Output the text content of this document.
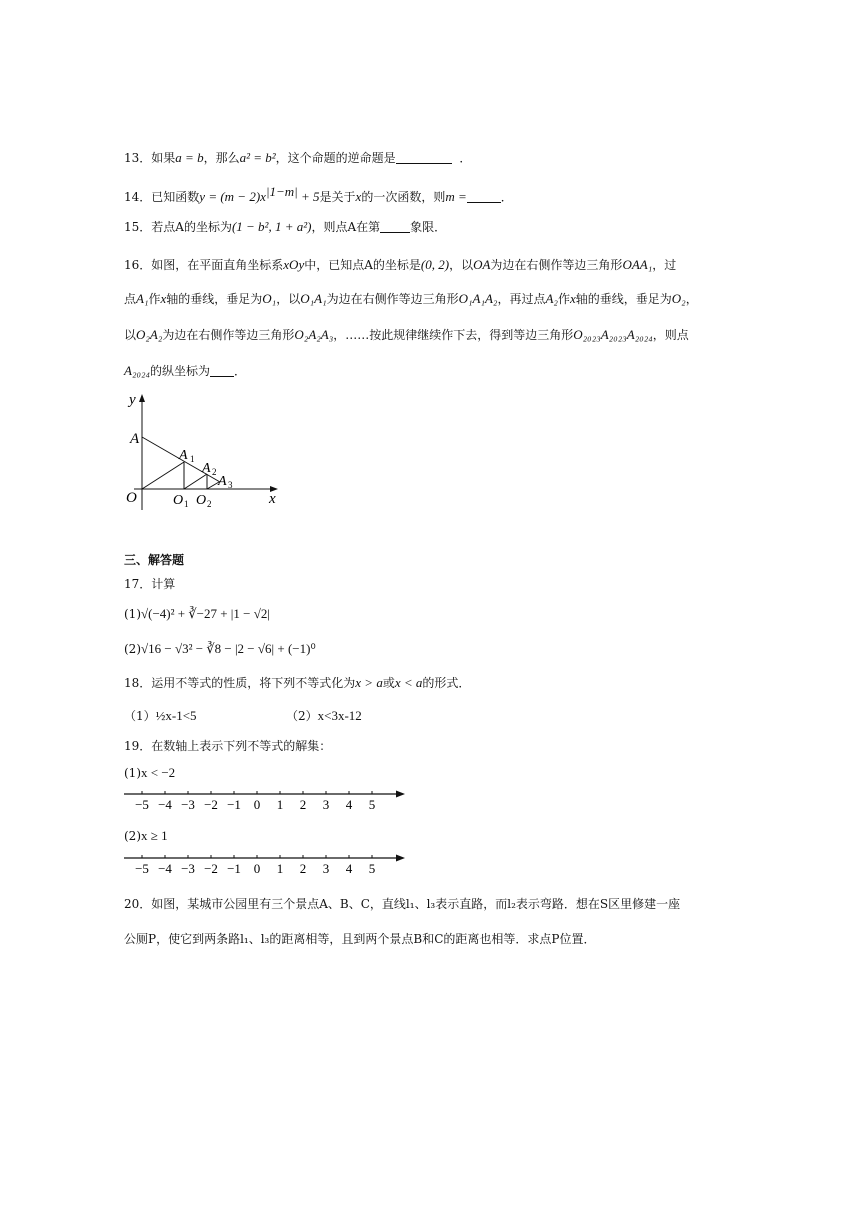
13．如果a = b，那么a² = b²，这个命题的逆命题是	．
14．已知函数$y = (m - 2)x^{|1-m|} + 5$是关于x的一次函数，则m =	．
15．若点A的坐标为(1 − b², 1 + a²)，则点A在第	象限．
16．如图，在平面直角坐标系xOy中，已知点A的坐标是(0, 2)，以OA为边在右侧作等边三角形OAA₁，过
点A₁作x轴的垂线，垂足为O₁，以O₁A₁为边在右侧作等边三角形O₁A₁A₂，再过点A₂作x轴的垂线，垂足为O₂，
以O₂A₂为边在右侧作等边三角形O₂A₂A₃，……按此规律继续作下去，得到等边三角形O₂₀₂₃A₂₀₂₃A₂₀₂₄，则点
A₂₀₂₄的纵坐标为 ．
y
A
O	x
A 1
A 2
A 3
O 1 O 2
三、解答题
17．计算
(1)√(−4)² + ∛−27 + |1 − √2|
(2)√16 − √3² − ∛8 − |2 − √6| + (−1)⁰
18．运用不等式的性质，将下列不等式化为x > a或x < a的形式．
（1）½x-1<5	（2）x<3x-12
19．在数轴上表示下列不等式的解集：
(1)x < −2
−5 −4 −3 −2 −1 0 1 2 3 4 5
(2)x ≥ 1
−5 −4 −3 −2 −1 0 1 2 3 4 5
20．如图，某城市公园里有三个景点A、B、C，直线l₁、l₃表示直路，而l₂表示弯路．想在S区里修建一座
公厕P，使它到两条路l₁、l₃的距离相等，且到两个景点B和C的距离也相等．求点P位置．
